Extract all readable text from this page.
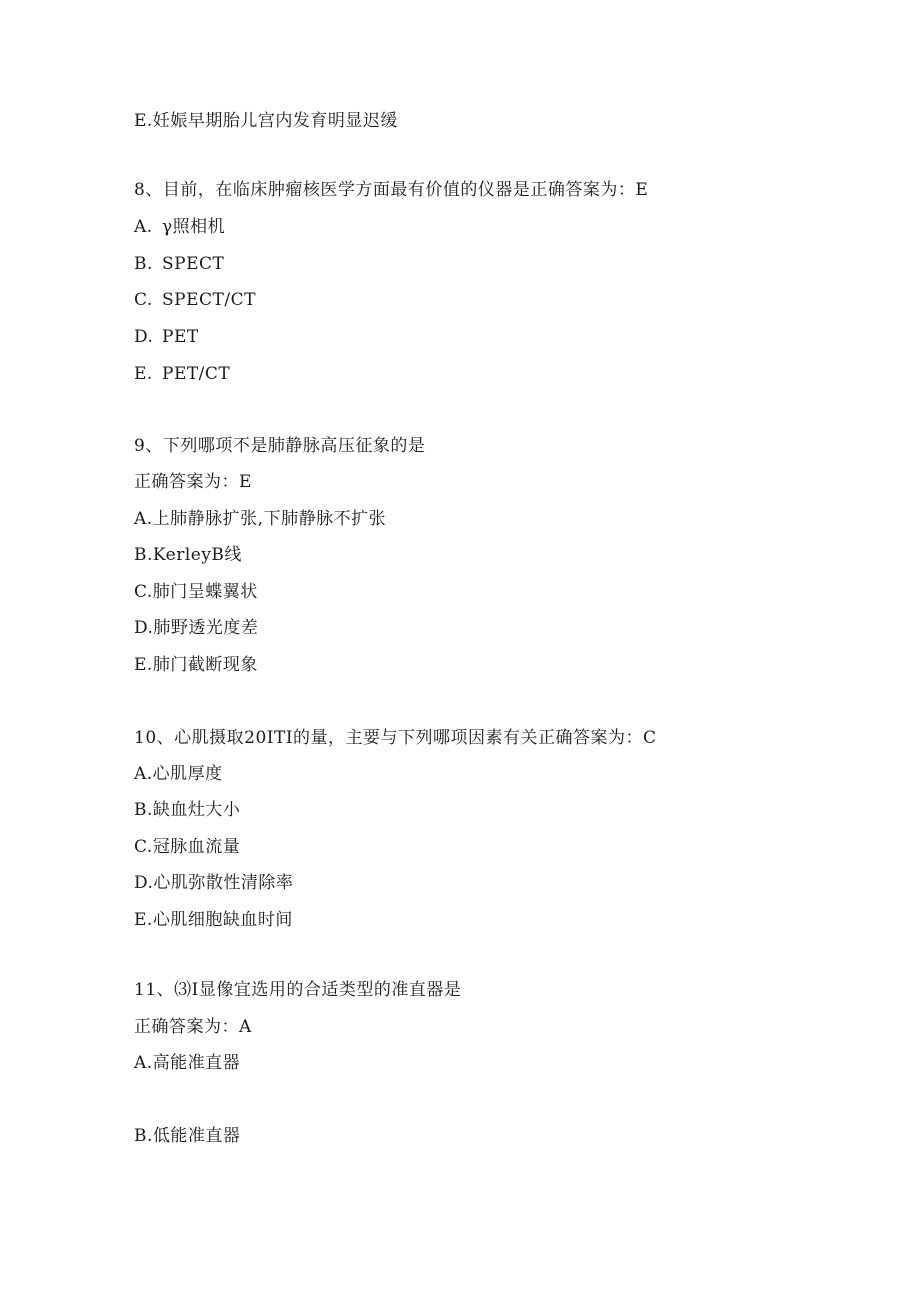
E.妊娠早期胎儿宫内发育明显迟缓
8、目前，在临床肿瘤核医学方面最有价值的仪器是正确答案为：E
A. γ照相机
B. SPECT
C. SPECT/CT
D. PET
E. PET/CT
9、下列哪项不是肺静脉高压征象的是
正确答案为：E
A.上肺静脉扩张,下肺静脉不扩张
B.KerleyB线
C.肺门呈蝶翼状
D.肺野透光度差
E.肺门截断现象
10、心肌摄取20ITI的量，主要与下列哪项因素有关正确答案为：C
A.心肌厚度
B.缺血灶大小
C.冠脉血流量
D.心肌弥散性清除率
E.心肌细胞缺血时间
11、⑶I显像宜选用的合适类型的准直器是
正确答案为：A
A.高能准直器
B.低能准直器
